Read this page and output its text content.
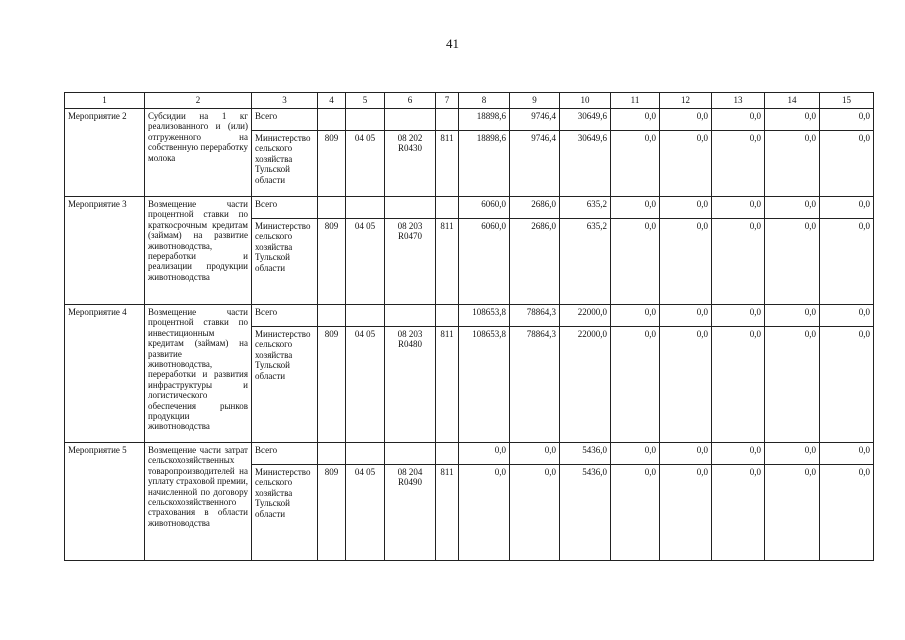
41
1	2	3	4	5	6	7	8	9	10	11	12	13	14	15
Мероприятие 2	Субсидии на 1 кг реализованного и (или) отгруженного на собственную переработку молока	Всего					18898,6	9746,4	30649,6	0,0	0,0	0,0	0,0	0,0
		Министерство сельского хозяйства Тульской области	809	04 05	08 202 R0430	811	18898,6	9746,4	30649,6	0,0	0,0	0,0	0,0	0,0
Мероприятие 3	Возмещение части процентной ставки по краткосрочным кредитам (займам) на развитие животноводства, переработки и реализации продукции животноводства	Всего					6060,0	2686,0	635,2	0,0	0,0	0,0	0,0	0,0
		Министерство сельского хозяйства Тульской области	809	04 05	08 203 R0470	811	6060,0	2686,0	635,2	0,0	0,0	0,0	0,0	0,0
Мероприятие 4	Возмещение части процентной ставки по инвестиционным кредитам (займам) на развитие животноводства, переработки и развития инфраструктуры и логистического обеспечения рынков продукции животноводства	Всего					108653,8	78864,3	22000,0	0,0	0,0	0,0	0,0	0,0
		Министерство сельского хозяйства Тульской области	809	04 05	08 203 R0480	811	108653,8	78864,3	22000,0	0,0	0,0	0,0	0,0	0,0
Мероприятие 5	Возмещение части затрат сельскохозяйственных товаропроизводителей на уплату страховой премии, начисленной по договору сельскохозяйственного страхования в области животноводства	Всего					0,0	0,0	5436,0	0,0	0,0	0,0	0,0	0,0
		Министерство сельского хозяйства Тульской области	809	04 05	08 204 R0490	811	0,0	0,0	5436,0	0,0	0,0	0,0	0,0	0,0
